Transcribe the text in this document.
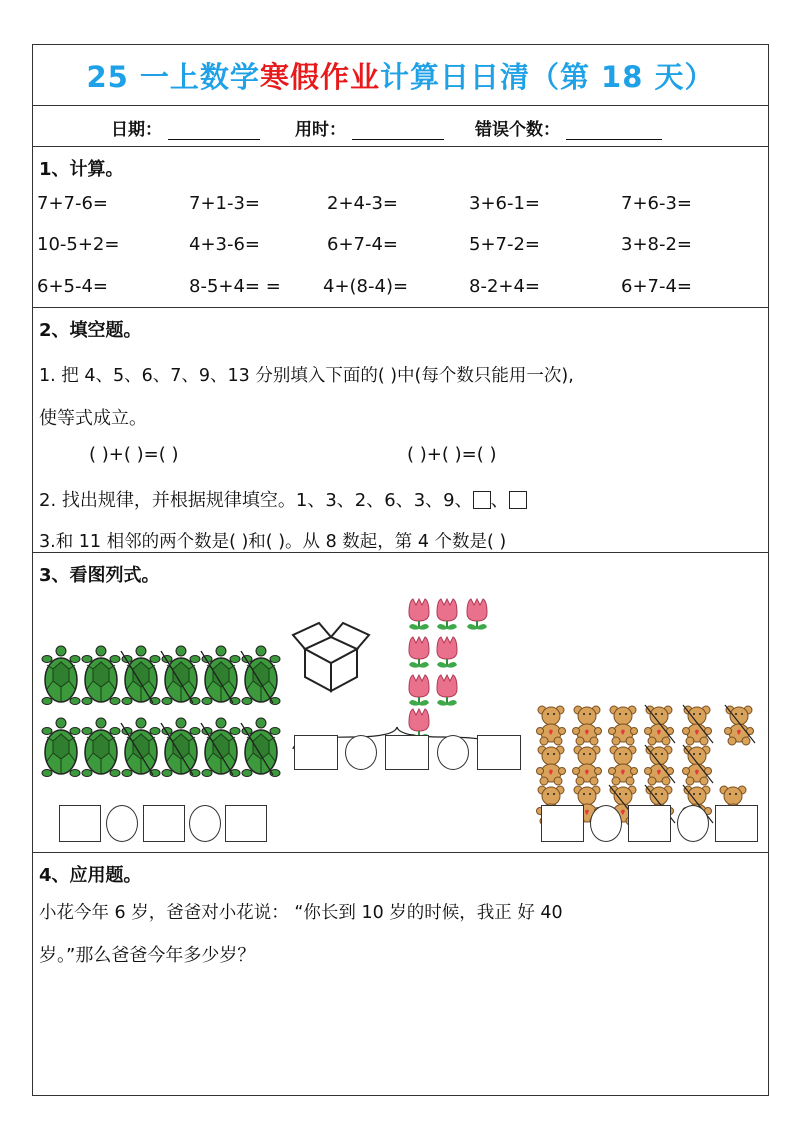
25 一上数学寒假作业计算日日清（第 18 天）
日期：	用时：	错误个数：
1、计算。
7+7-6=	7+1-3=	2+4-3=	3+6-1=	7+6-3=
10-5+2=	4+3-6=	6+7-4=	5+7-2=	3+8-2=
6+5-4=	8-5+4= = 4+(8-4)=	8-2+4=	6+7-4=
2、填空题。
1. 把 4、5、6、7、9、13 分别填入下面的( )中(每个数只能用一次),
使等式成立。
( )+( )=( )	( )+( )=( )
2. 找出规律，并根据规律填空。1、3、2、6、3、9、 、
3.和 11 相邻的两个数是( )和( )。从 8 数起，第 4 个数是( )
3、看图列式。
4、应用题。
小花今年 6 岁，爸爸对小花说： “你长到 10 岁的时候，我正 好 40
岁。”那么爸爸今年多少岁？
